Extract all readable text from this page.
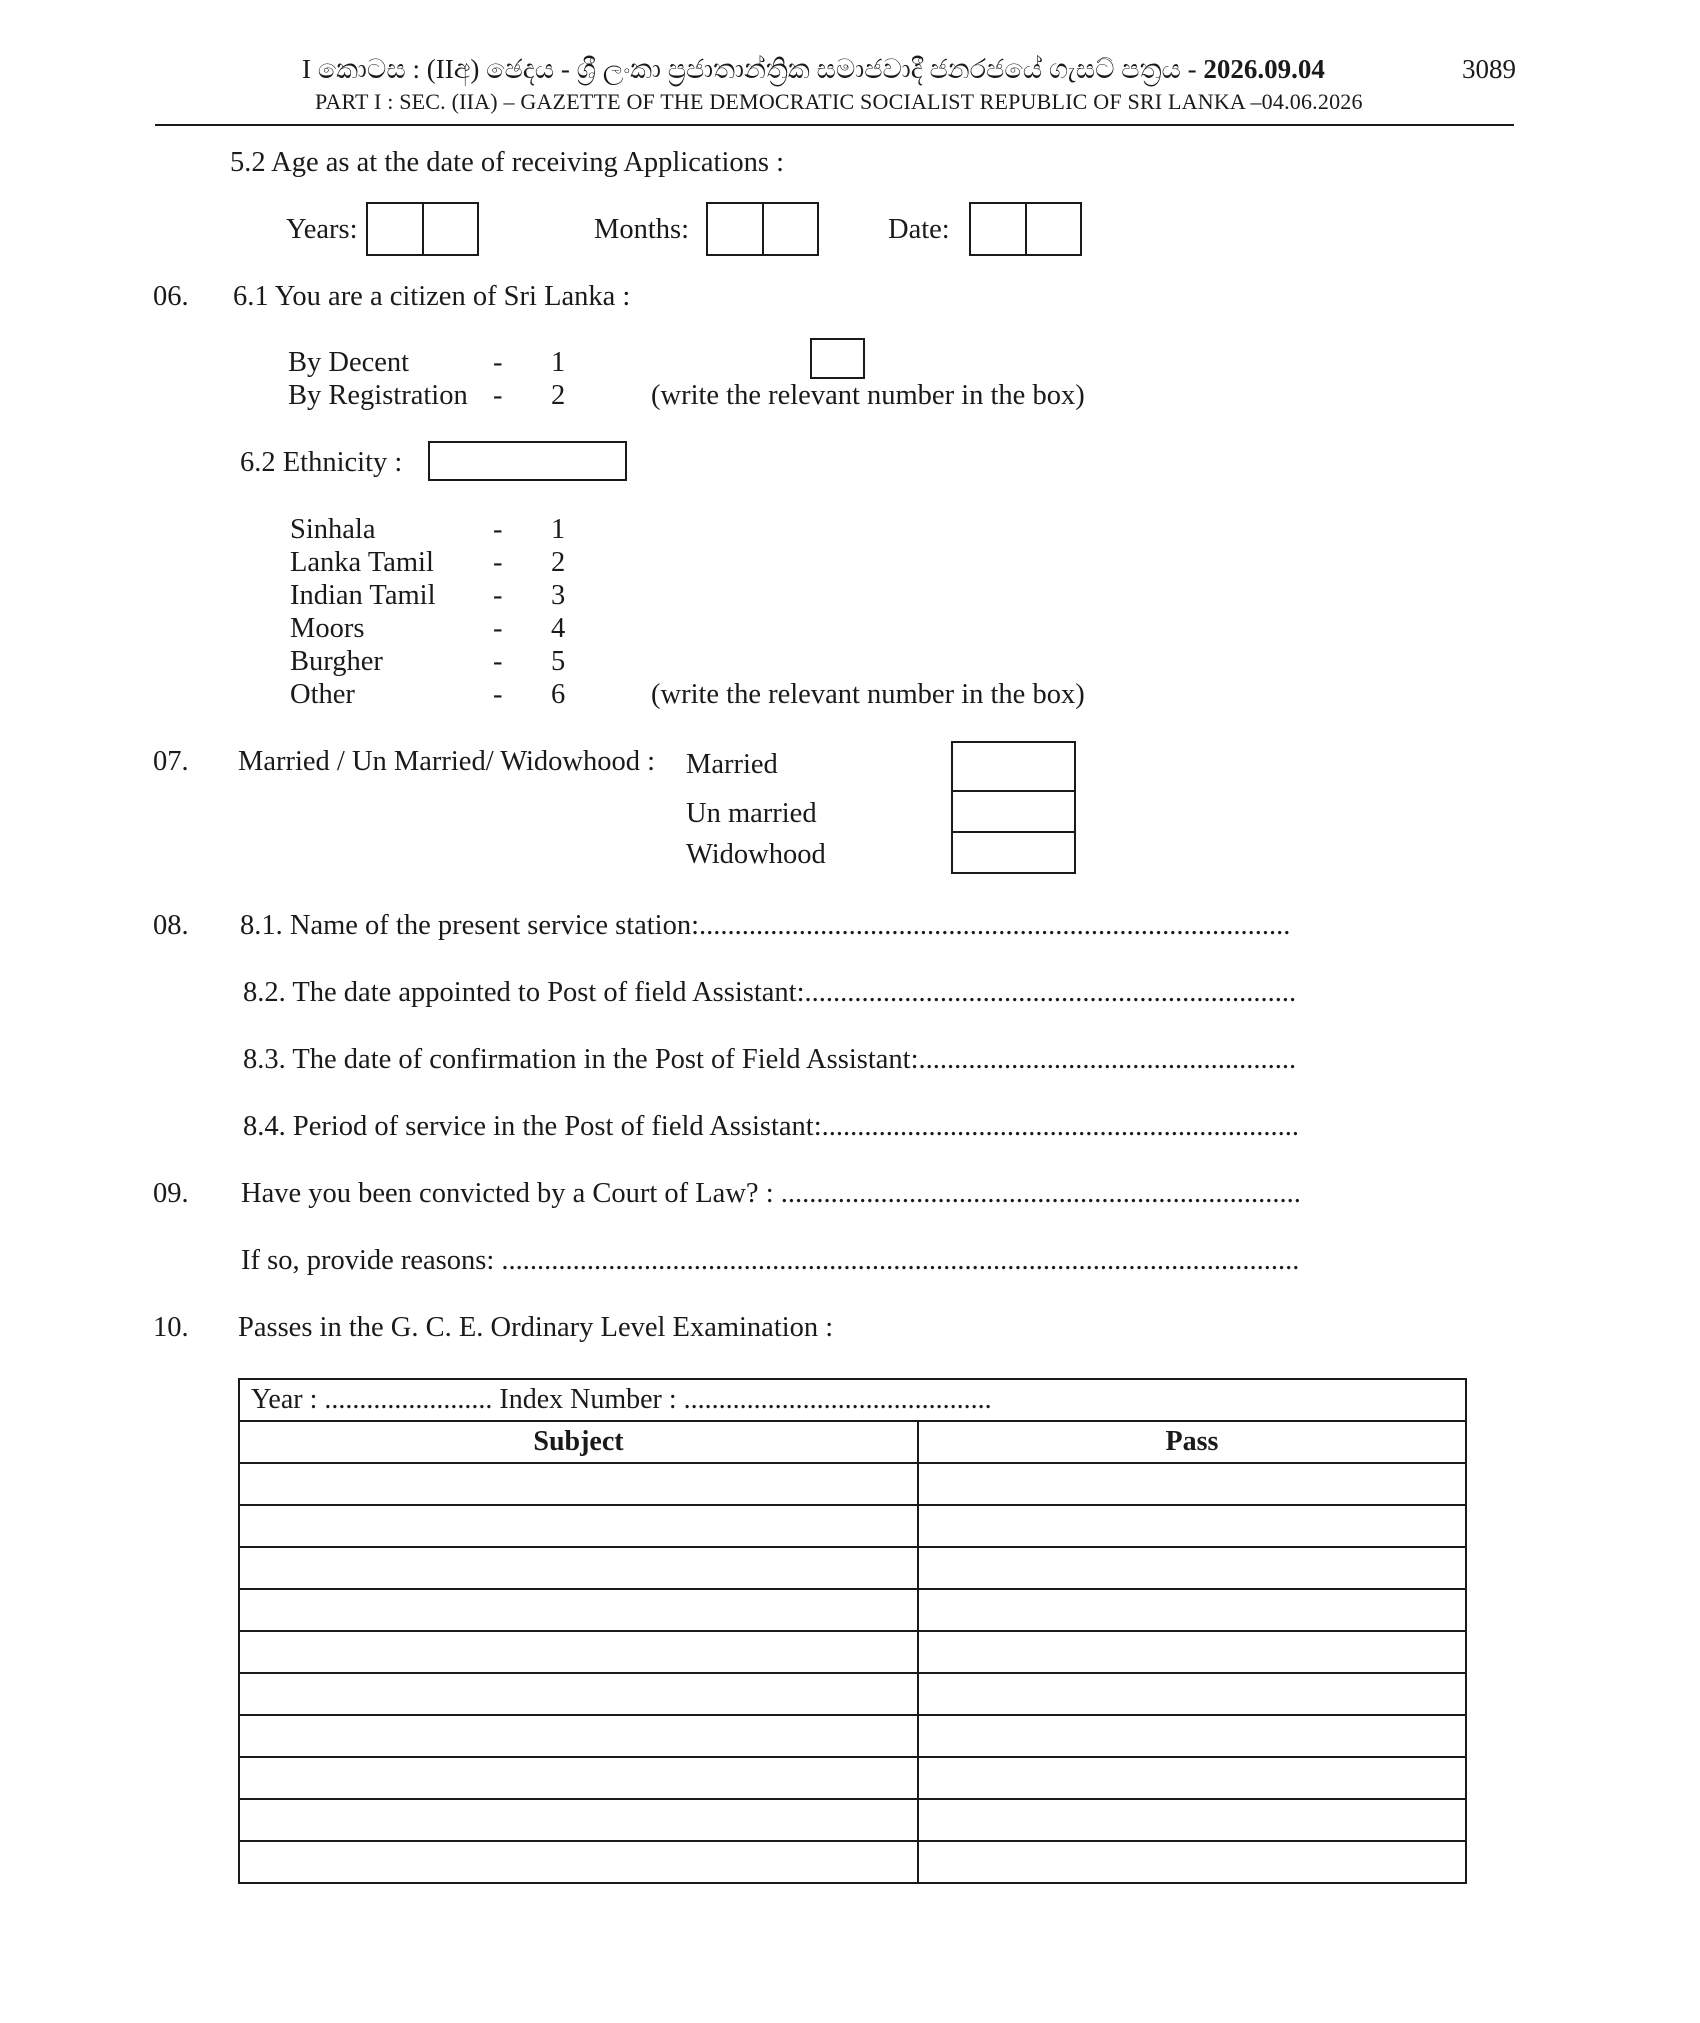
I කොටස : (IIඅ) ඡෙදය - ශ්‍රී ලංකා ප්‍රජාතාන්ත්‍රික සමාජවාදී ජනරජයේ ගැසට් පත්‍රය - 2026.09.04	3089
PART I : SEC. (IIA) – GAZETTE OF THE DEMOCRATIC SOCIALIST REPUBLIC OF SRI LANKA –04.06.2026
5.2 Age as at the date of receiving Applications :
Years:	Months:	Date:
06. 6.1 You are a citizen of Sri Lanka :
By Decent	- 1
By Registration - 2	(write the relevant number in the box)
6.2 Ethnicity :
Sinhala	- 1
Lanka Tamil - 2
Indian Tamil - 3
Moors	- 4
Burgher	- 5
Other	- 6	(write the relevant number in the box)
07. Married / Un Married/ Widowhood : Married
Un married
Widowhood
08. 8.1. Name of the present service station:...................................................................................
8.2. The date appointed to Post of field Assistant:.....................................................................
8.3. The date of confirmation in the Post of Field Assistant:.....................................................
8.4. Period of service in the Post of field Assistant:...................................................................
09. Have you been convicted by a Court of Law? : .........................................................................
If so, provide reasons: ................................................................................................................
10. Passes in the G. C. E. Ordinary Level Examination :
Year : ........................ Index Number : ............................................	
Subject	Pass
